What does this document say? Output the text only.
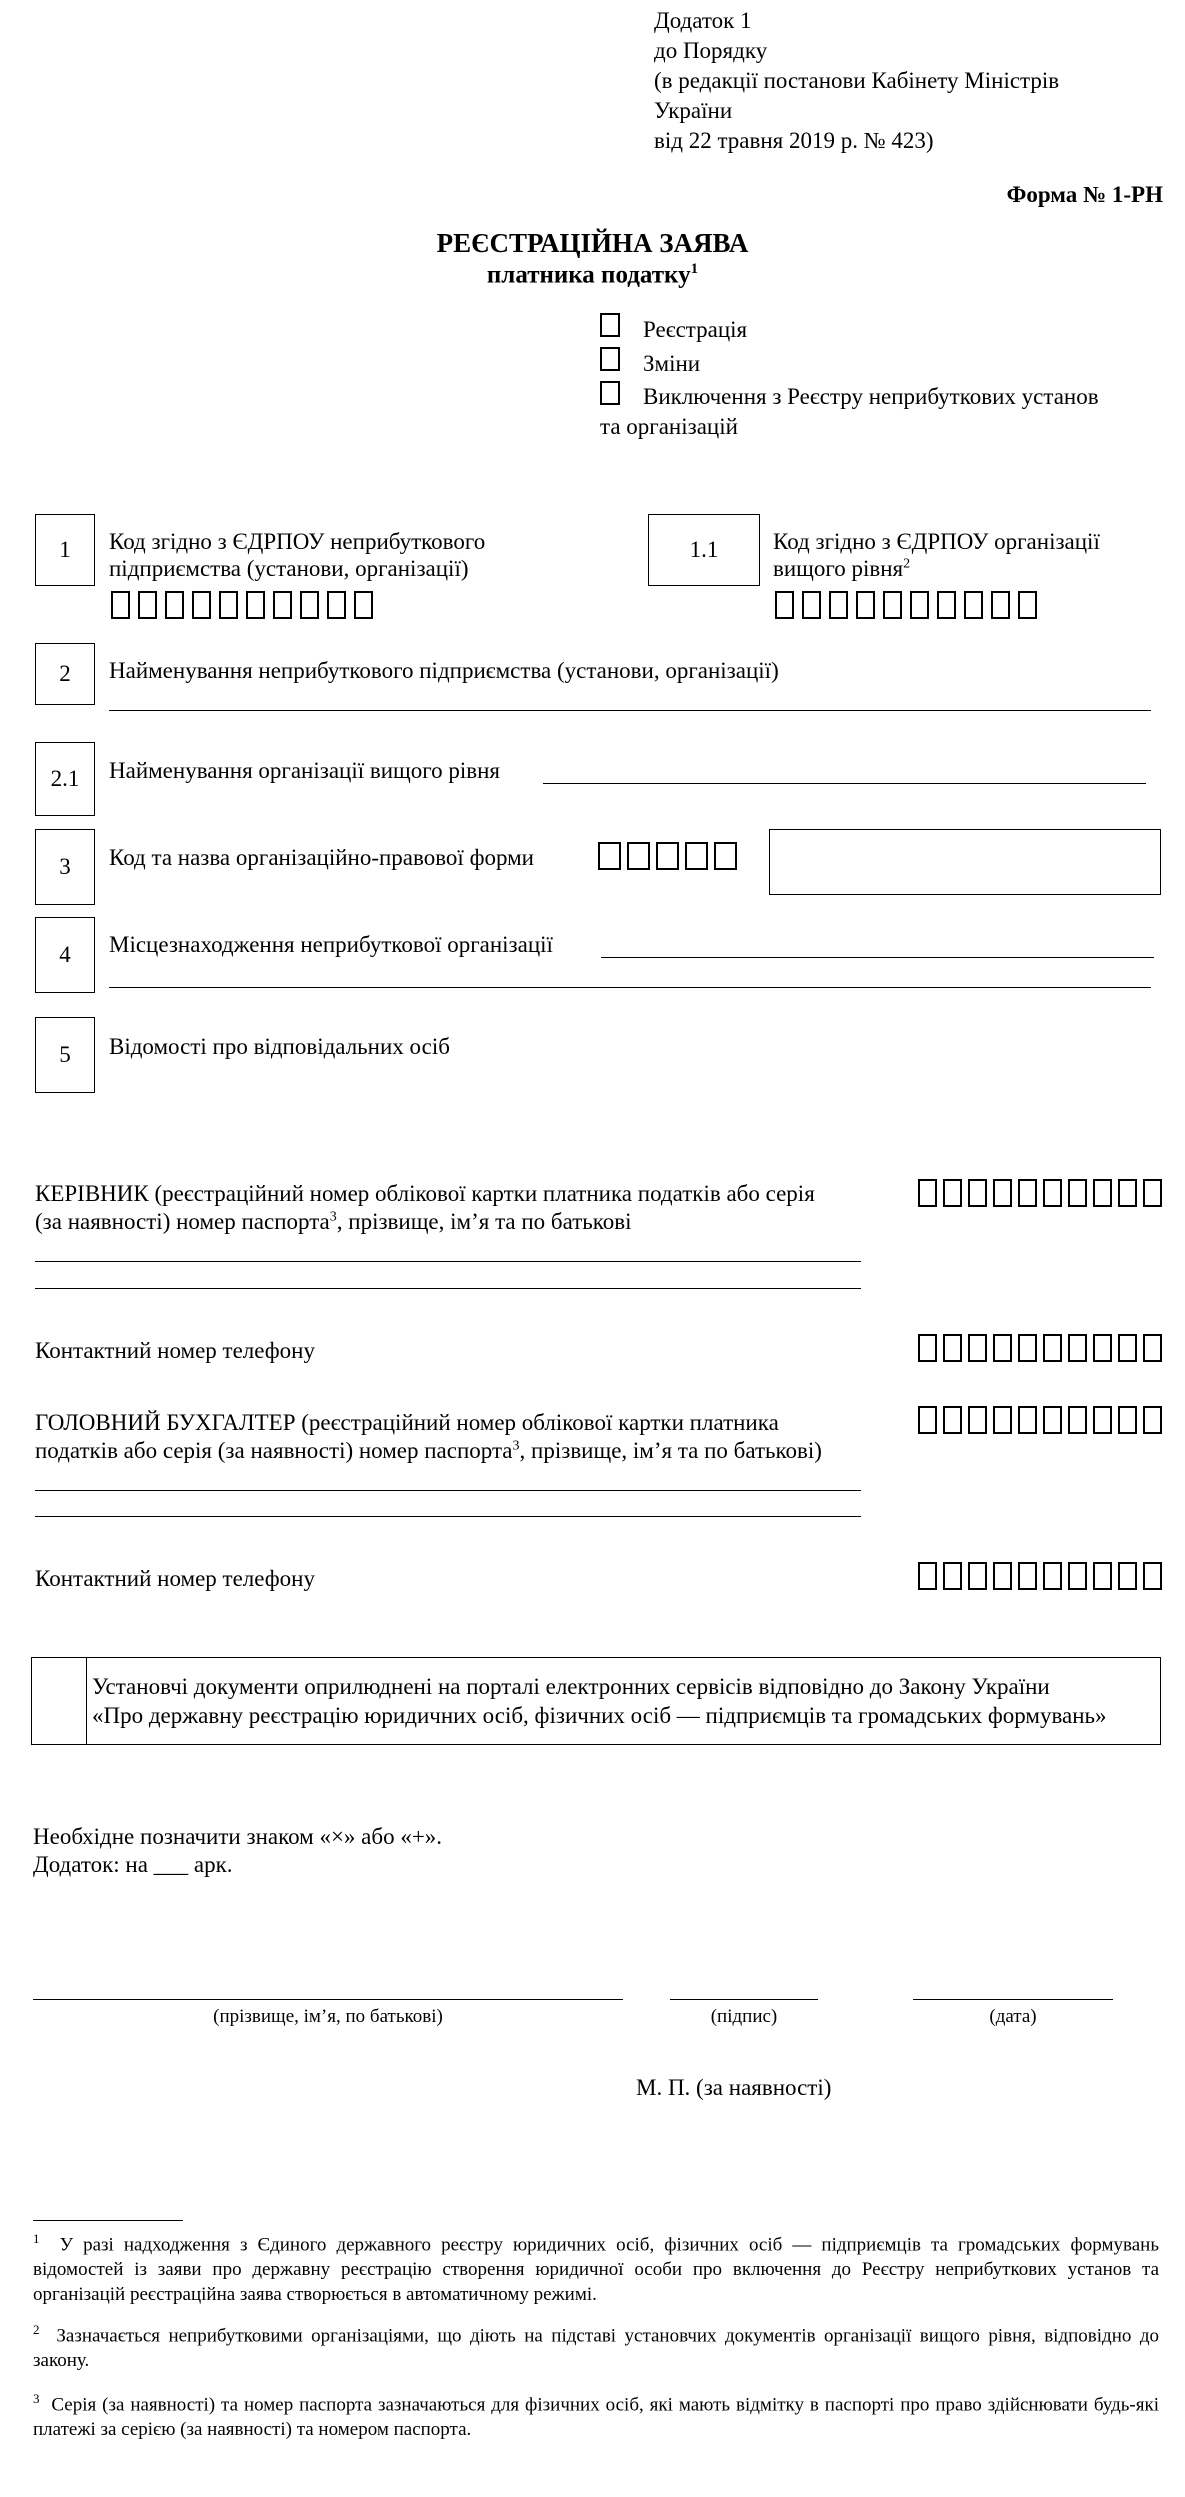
Додаток 1
до Порядку
(в редакції постанови Кабінету Міністрів
України
від 22 травня 2019 р. № 423)
Форма № 1-РН
РЕЄСТРАЦІЙНА ЗАЯВА
платника податку$^1$
Реєстрація
Зміни
Виключення з Реєстру неприбуткових установ
та організацій
1	Код згідно з ЄДРПОУ неприбуткового
підприємства (установи, організації)
1.1	Код згідно з ЄДРПОУ організації
вищого рівня$^2$
2	Найменування неприбуткового підприємства (установи, організації)
2.1	Найменування організації вищого рівня
3	Код та назва організаційно-правової форми
4	Місцезнаходження неприбуткової організації
5	Відомості про відповідальних осіб
КЕРІВНИК (реєстраційний номер облікової картки платника податків або серія
(за наявності) номер паспорта$^3$, прізвище, ім’я та по батькові
Контактний номер телефону
ГОЛОВНИЙ БУХГАЛТЕР (реєстраційний номер облікової картки платника
податків або серія (за наявності) номер паспорта$^3$, прізвище, ім’я та по батькові)
Контактний номер телефону
Установчі документи оприлюднені на порталі електронних сервісів відповідно до Закону України
«Про державну реєстрацію юридичних осіб, фізичних осіб — підприємців та громадських формувань»
Необхідне позначити знаком «×» або «+».
Додаток: на ___ арк.
(прізвище, ім’я, по батькові)	(підпис)	(дата)
М. П. (за наявності)
$^1$ У разі надходження з Єдиного державного реєстру юридичних осіб, фізичних осіб — підприємців та громадських формувань відомостей із заяви про державну реєстрацію створення юридичної особи про включення до Реєстру неприбуткових установ та організацій реєстраційна заява створюється в автоматичному режимі.
$^2$ Зазначається неприбутковими організаціями, що діють на підставі установчих документів організації вищого рівня, відповідно до закону.
$^3$ Серія (за наявності) та номер паспорта зазначаються для фізичних осіб, які мають відмітку в паспорті про право здійснювати будь-які платежі за серією (за наявності) та номером паспорта.
